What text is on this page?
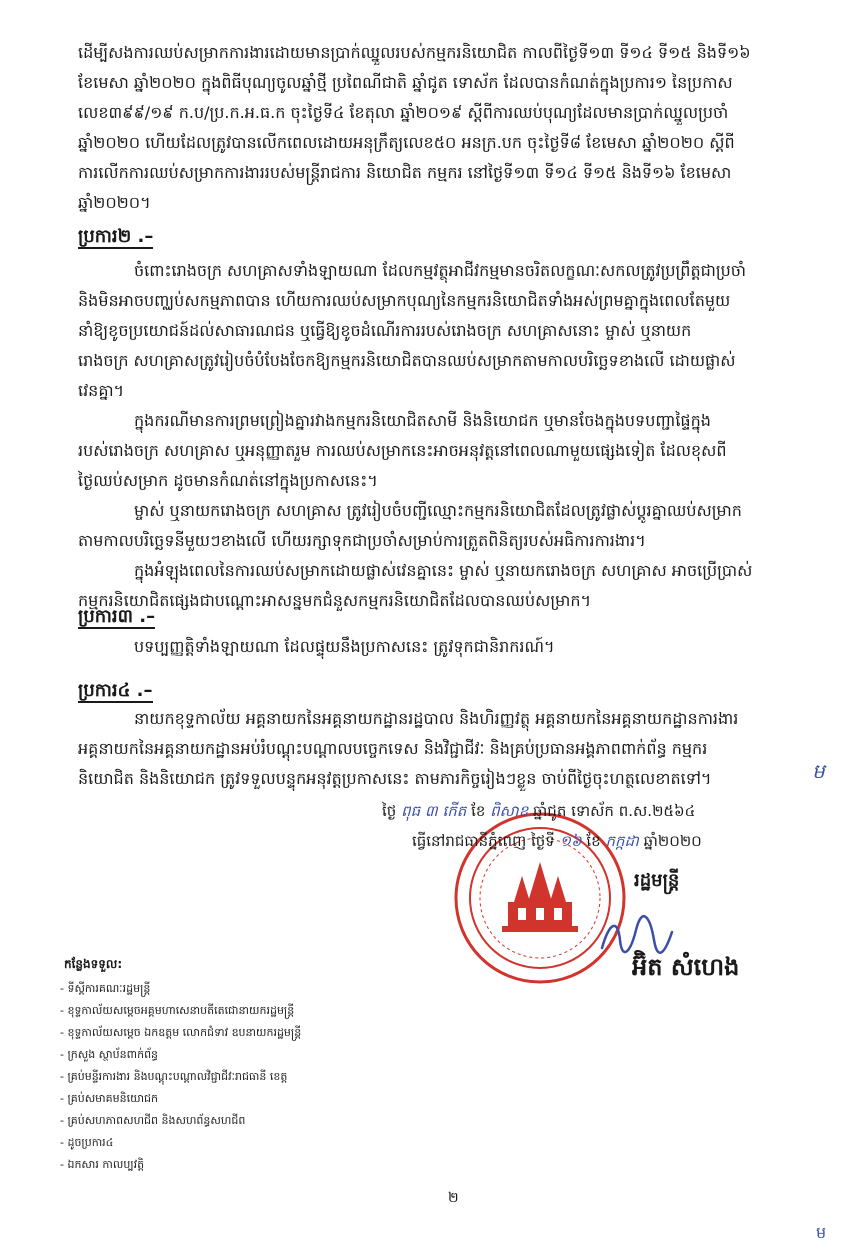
ដើម្បីសងការឈប់សម្រាកការងារដោយមានប្រាក់ឈ្នួលរបស់កម្មករនិយោជិត កាលពីថ្ងៃទី១៣ ទី១៤ ទី១៥ និងទី១៦
ខែមេសា ឆ្នាំ២០២០ ក្នុងពិធីបុណ្យចូលឆ្នាំថ្មី ប្រពៃណីជាតិ ឆ្នាំជូត ទោស័ក ដែលបានកំណត់ក្នុងប្រការ១ នៃប្រកាស
លេខ៣៩៩/១៩ ក.ប/ប្រ.ក.អ.ធ.ក ចុះថ្ងៃទី៤ ខែតុលា ឆ្នាំ២០១៩ ស្តីពីការឈប់បុណ្យដែលមានប្រាក់ឈ្នួលប្រចាំ
ឆ្នាំ២០២០ ហើយដែលត្រូវបានលើកពេលដោយអនុក្រឹត្យលេខ៥០ អនក្រ.បក ចុះថ្ងៃទី៨ ខែមេសា ឆ្នាំ២០២០ ស្តីពី
ការលើកការឈប់សម្រាកការងាររបស់មន្ត្រីរាជការ និយោជិត កម្មករ នៅថ្ងៃទី១៣ ទី១៤ ទី១៥ និងទី១៦ ខែមេសា
ឆ្នាំ២០២០។
ប្រការ២ .–
ចំពោះរោងចក្រ សហគ្រាសទាំងឡាយណា ដែលកម្មវត្ថុអាជីវកម្មមានចរិតលក្ខណៈសកលត្រូវប្រព្រឹត្តជាប្រចាំ
និងមិនអាចបញ្ឈប់សកម្មភាពបាន ហើយការឈប់សម្រាកបុណ្យនៃកម្មករនិយោជិតទាំងអស់ព្រមគ្នាក្នុងពេលតែមួយ
នាំឱ្យខូចប្រយោជន៍ដល់សាធារណជន ឬធ្វើឱ្យខូចដំណើរការរបស់រោងចក្រ សហគ្រាសនោះ ម្ចាស់ ឬនាយក
រោងចក្រ សហគ្រាសត្រូវរៀបចំបំបែងចែកឱ្យកម្មករនិយោជិតបានឈប់សម្រាកតាមកាលបរិច្ឆេទខាងលើ ដោយផ្លាស់
វេនគ្នា។
ក្នុងករណីមានការព្រមព្រៀងគ្នារវាងកម្មករនិយោជិតសាមី និងនិយោជក ឬមានចែងក្នុងបទបញ្ជាផ្ទៃក្នុង
របស់រោងចក្រ សហគ្រាស ឬអនុញ្ញាតរួម ការឈប់សម្រាកនេះអាចអនុវត្តនៅពេលណាមួយផ្សេងទៀត ដែលខុសពី
ថ្ងៃឈប់សម្រាក ដូចមានកំណត់នៅក្នុងប្រកាសនេះ។
ម្ចាស់ ឬនាយករោងចក្រ សហគ្រាស ត្រូវរៀបចំបញ្ជីឈ្មោះកម្មករនិយោជិតដែលត្រូវផ្លាស់ប្តូរគ្នាឈប់សម្រាក
តាមកាលបរិច្ឆេទនីមួយៗខាងលើ ហើយរក្សាទុកជាប្រចាំសម្រាប់ការត្រួតពិនិត្យរបស់អធិការការងារ។
ក្នុងអំឡុងពេលនៃការឈប់សម្រាកដោយផ្លាស់វេនគ្នានេះ ម្ចាស់ ឬនាយករោងចក្រ សហគ្រាស អាចប្រើប្រាស់
កម្មករនិយោជិតផ្សេងជាបណ្ដោះអាសន្នមកជំនួសកម្មករនិយោជិតដែលបានឈប់សម្រាក។
ប្រការ៣ .–
បទប្បញ្ញត្តិទាំងឡាយណា ដែលផ្ទុយនឹងប្រកាសនេះ ត្រូវទុកជានិរាករណ៍។
ប្រការ៤ .–
នាយកខុទ្ទកាល័យ អគ្គនាយកនៃអគ្គនាយកដ្ឋានរដ្ឋបាល និងហិរញ្ញវត្ថុ អគ្គនាយកនៃអគ្គនាយកដ្ឋានការងារ
អគ្គនាយកនៃអគ្គនាយកដ្ឋានអប់រំបណ្តុះបណ្តាលបច្ចេកទេស និងវិជ្ជាជីវៈ និងគ្រប់ប្រធានអង្គភាពពាក់ព័ន្ធ កម្មករ
និយោជិត និងនិយោជក ត្រូវទទួលបន្ទុកអនុវត្តប្រកាសនេះ តាមភារកិច្ចរៀងៗខ្លួន ចាប់ពីថ្ងៃចុះហត្ថលេខាតទៅ។	ម
ថ្ងៃ ពុធ ៣ កើត ខែ ពិសាខ ឆ្នាំជូត ទោស័ក ព.ស.២៥៦៤
ធ្វើនៅរាជធានីភ្នំពេញ ថ្ងៃទី ១៦ ខែ កក្កដា ឆ្នាំ២០២០
រដ្ឋមន្ត្រី
អ៊ិត សំហេង
កន្លែងទទួល:
- ទីស្តីការគណៈរដ្ឋមន្ត្រី
- ខុទ្ទកាល័យសម្តេចអគ្គមហាសេនាបតីតេជោនាយករដ្ឋមន្ត្រី
- ខុទ្ទកាល័យសម្តេច ឯកឧត្តម លោកជំទាវ ឧបនាយករដ្ឋមន្ត្រី
- ក្រសួង ស្ថាប័នពាក់ព័ន្ធ
- គ្រប់មន្ទីរការងារ និងបណ្តុះបណ្តាលវិជ្ជាជីវៈរាជធានី ខេត្ត
- គ្រប់សមាគមនិយោជក
- គ្រប់សហភាពសហជីព និងសហព័ន្ធសហជីព
- ដូចប្រការ៤
- ឯកសារ កាលប្បវត្តិ
២
ម
